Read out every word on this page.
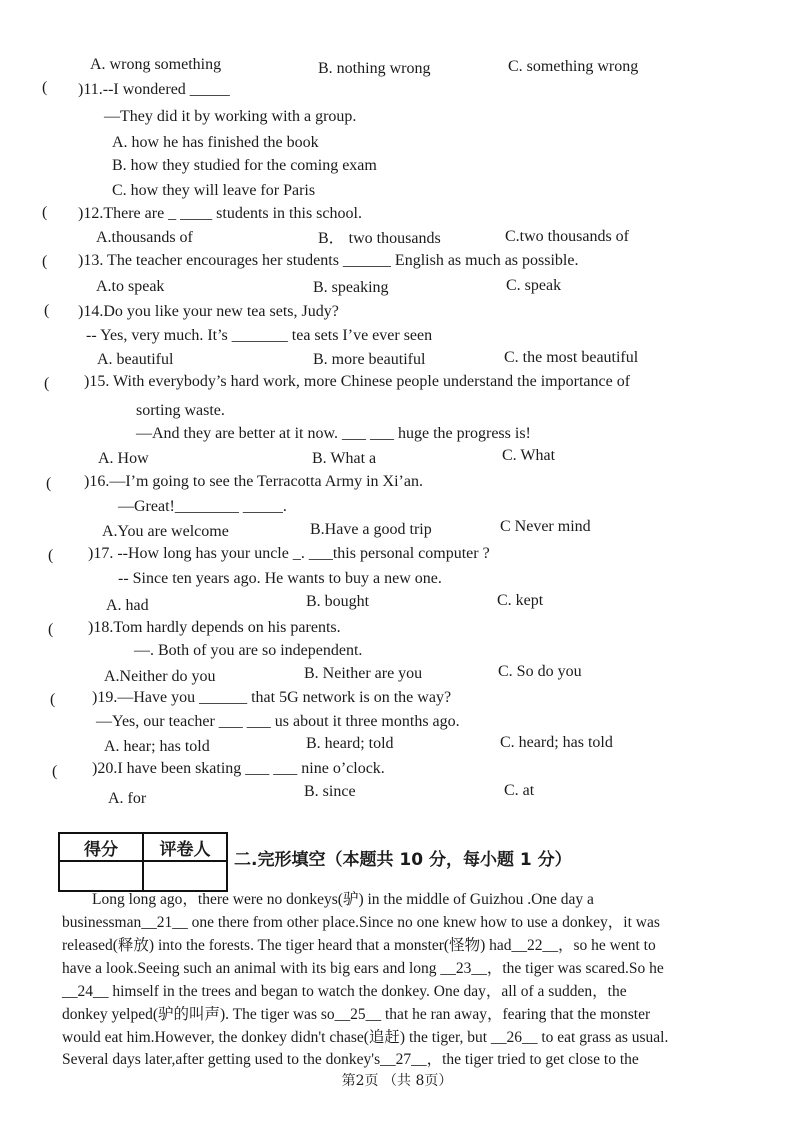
A. wrong something	B. nothing wrong	C. something wrong
)11.--I wondered _____
—They did it by working with a group.
A. how he has finished the book
B. how they studied for the coming exam
C. how they will leave for Paris
)12.There are _ ____ students in this school.
A.thousands of	B． two thousands	C.two thousands of
)13. The teacher encourages her students ______ English as much as possible.
A.to speak	B. speaking	C. speak
)14.Do you like your new tea sets, Judy?
-- Yes, very much. It’s _______ tea sets I’ve ever seen
A. beautiful	B. more beautiful	C. the most beautiful
)15. With everybody’s hard work, more Chinese people understand the importance of
sorting waste.
—And they are better at it now. ___ ___ huge the progress is!
A. How	B. What a	C. What
)16.—I’m going to see the Terracotta Army in Xi’an.
—Great!________ _____.
A.You are welcome	B.Have a good trip	C Never mind
)17. --How long has your uncle _. ___this personal computer ?
-- Since ten years ago. He wants to buy a new one.
A. had	B. bought	C. kept
)18.Tom hardly depends on his parents.
—. Both of you are so independent.
A.Neither do you	B. Neither are you	C. So do you
)19.—Have you ______ that 5G network is on the way?
—Yes, our teacher ___ ___ us about it three months ago.
A. hear; has told	B. heard; told	C. heard; has told
)20.I have been skating ___ ___ nine o’clock.
A. for	B. since	C. at
(
(
(
(
(
(
(
(
(
(
得分	评卷人

二.完形填空（本题共 10 分，每小题 1 分）
Long long ago，there were no donkeys(驴) in the middle of Guizhou .One day a
businessman__21__ one there from other place.Since no one knew how to use a donkey，it was
released(释放) into the forests. The tiger heard that a monster(怪物) had__22__，so he went to
have a look.Seeing such an animal with its big ears and long __23__，the tiger was scared.So he
__24__ himself in the trees and began to watch the donkey. One day，all of a sudden，the
donkey yelped(驴的叫声). The tiger was so__25__ that he ran away，fearing that the monster
would eat him.However, the donkey didn't chase(追赶) the tiger, but __26__ to eat grass as usual.
Several days later,after getting used to the donkey's__27__，the tiger tried to get close to the
第2页 （共 8页）
